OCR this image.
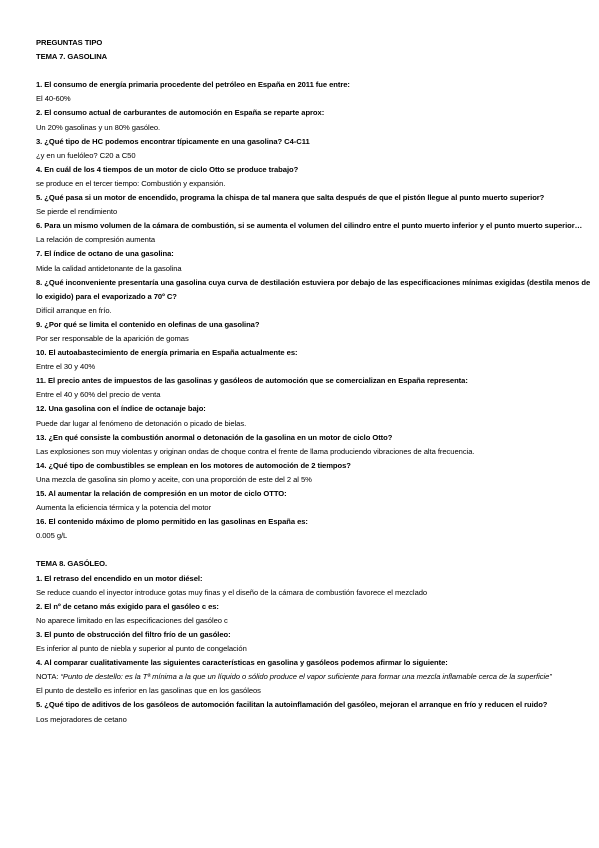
PREGUNTAS TIPO

TEMA 7. GASOLINA

1. El consumo de energía primaria procedente del petróleo en España en 2011 fue entre:

El 40-60%

2. El consumo actual de carburantes de automoción en España se reparte aprox:

Un 20% gasolinas y un 80% gasóleo.

3. ¿Qué tipo de HC podemos encontrar típicamente en una gasolina? C4-C11

¿y en un fuelóleo? C20 a C50

4. En cuál de los 4 tiempos de un motor de ciclo Otto se produce trabajo?

se produce en el tercer tiempo: Combustión y expansión.

5. ¿Qué pasa si un motor de encendido, programa la chispa de tal manera que salta después de que el pistón llegue al punto muerto superior?

Se pierde el rendimiento

6. Para un mismo volumen de la cámara de combustión, si se aumenta el volumen del cilindro entre el punto muerto inferior y el punto muerto superior…

La relación de compresión aumenta

7. El índice de octano de una gasolina:

Mide la calidad antidetonante de la gasolina

8. ¿Qué inconveniente presentaría una gasolina cuya curva de destilación estuviera por debajo de las especificaciones mínimas exigidas (destila menos de lo exigido) para el evaporizado a 70º C?

Difícil arranque en frío.

9. ¿Por qué se limita el contenido en olefinas de una gasolina?

Por ser responsable de la aparición de gomas

10. El autoabastecimiento de energía primaria en España actualmente es:

Entre el 30 y 40%

11. El precio antes de impuestos de las gasolinas y gasóleos de automoción que se comercializan en España representa:

Entre el 40 y 60% del precio de venta

12. Una gasolina con el índice de octanaje bajo:

Puede dar lugar al fenómeno de detonación o picado de bielas.

13. ¿En qué consiste la combustión anormal o detonación de la gasolina en un motor de ciclo Otto?

Las explosiones son muy violentas y originan ondas de choque contra el frente de llama produciendo vibraciones de alta frecuencia.

14. ¿Qué tipo de combustibles se emplean en los motores de automoción de 2 tiempos?

Una mezcla de gasolina sin plomo y aceite, con una proporción de este del 2 al 5%

15. Al aumentar la relación de compresión en un motor de ciclo OTTO:

Aumenta la eficiencia térmica y la potencia del motor

16. El contenido máximo de plomo permitido en las gasolinas en España es:

0.005 g/L

TEMA 8. GASÓLEO.

1. El retraso del encendido en un motor diésel:

Se reduce cuando el inyector introduce gotas muy finas y el diseño de la cámara de combustión favorece el mezclado

2. El nº de cetano más exigido para el gasóleo c es:

No aparece limitado en las especificaciones del gasóleo c

3. El punto de obstrucción del filtro frío de un gasóleo:

Es inferior al punto de niebla y superior al punto de congelación

4. Al comparar cualitativamente las siguientes características en gasolina y gasóleos podemos afirmar lo siguiente:

NOTA: “Punto de destello: es la Tª mínima a la que un líquido o sólido produce el vapor suficiente para formar una mezcla inflamable cerca de la superficie”

El punto de destello es inferior en las gasolinas que en los gasóleos

5. ¿Qué tipo de aditivos de los gasóleos de automoción facilitan la autoinflamación del gasóleo, mejoran el arranque en frío y reducen el ruido?

Los mejoradores de cetano
